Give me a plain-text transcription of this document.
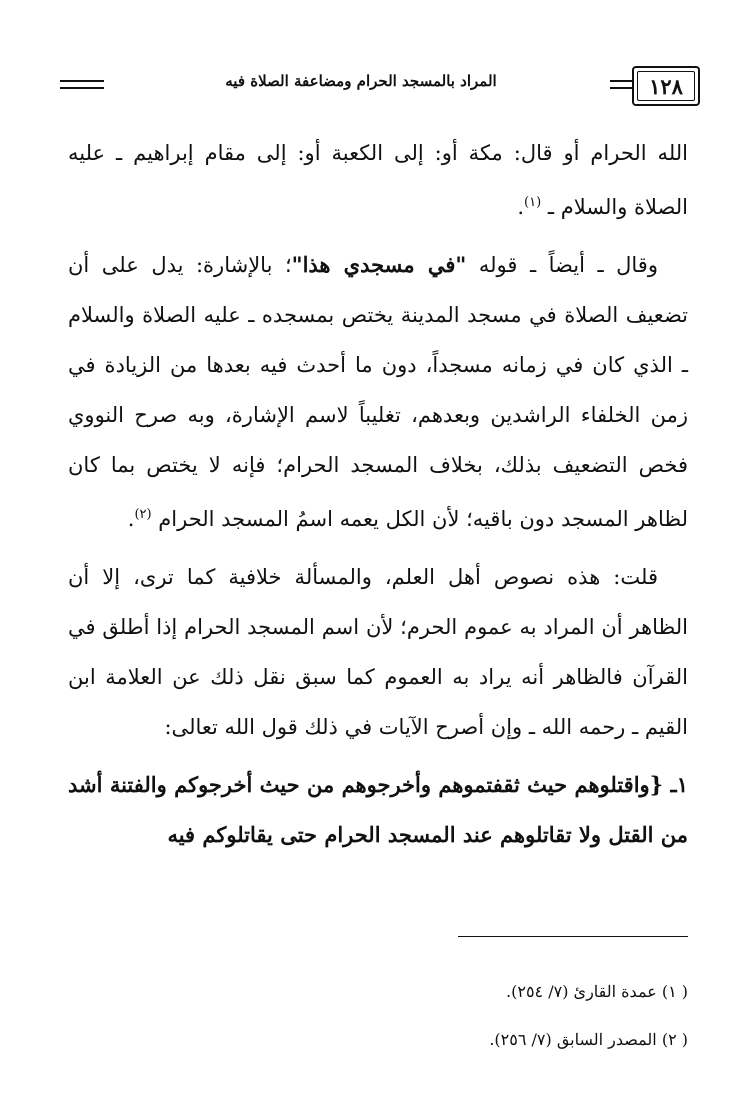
المراد بالمسجد الحرام ومضاعفة الصلاة فيه	١٢٨

الله الحرام أو قال: مكة أو: إلى الكعبة أو: إلى مقام إبراهيم ـ عليه الصلاة والسلام ـ $^{(١)}$.

وقال ـ أيضاً ـ قوله "في مسجدي هذا"؛ بالإشارة: يدل على أن تضعيف الصلاة في مسجد المدينة يختص بمسجده ـ عليه الصلاة والسلام ـ الذي كان في زمانه مسجداً، دون ما أحدث فيه بعدها من الزيادة في زمن الخلفاء الراشدين وبعدهم، تغليباً لاسم الإشارة، وبه صرح النووي فخص التضعيف بذلك، بخلاف المسجد الحرام؛ فإنه لا يختص بما كان لظاهر المسجد دون باقيه؛ لأن الكل يعمه اسمُ المسجد الحرام $^{(٢)}$.

قلت: هذه نصوص أهل العلم، والمسألة خلافية كما ترى، إلا أن الظاهر أن المراد به عموم الحرم؛ لأن اسم المسجد الحرام إذا أطلق في القرآن فالظاهر أنه يراد به العموم كما سبق نقل ذلك عن العلامة ابن القيم ـ رحمه الله ـ وإن أصرح الآيات في ذلك قول الله تعالى:

١ـ {واقتلوهم حيث ثقفتموهم وأخرجوهم من حيث أخرجوكم والفتنة أشد من القتل ولا تقاتلوهم عند المسجد الحرام حتى يقاتلوكم فيه

( ١) عمدة القارئ (٧/ ٢٥٤).
( ٢) المصدر السابق (٧/ ٢٥٦).
